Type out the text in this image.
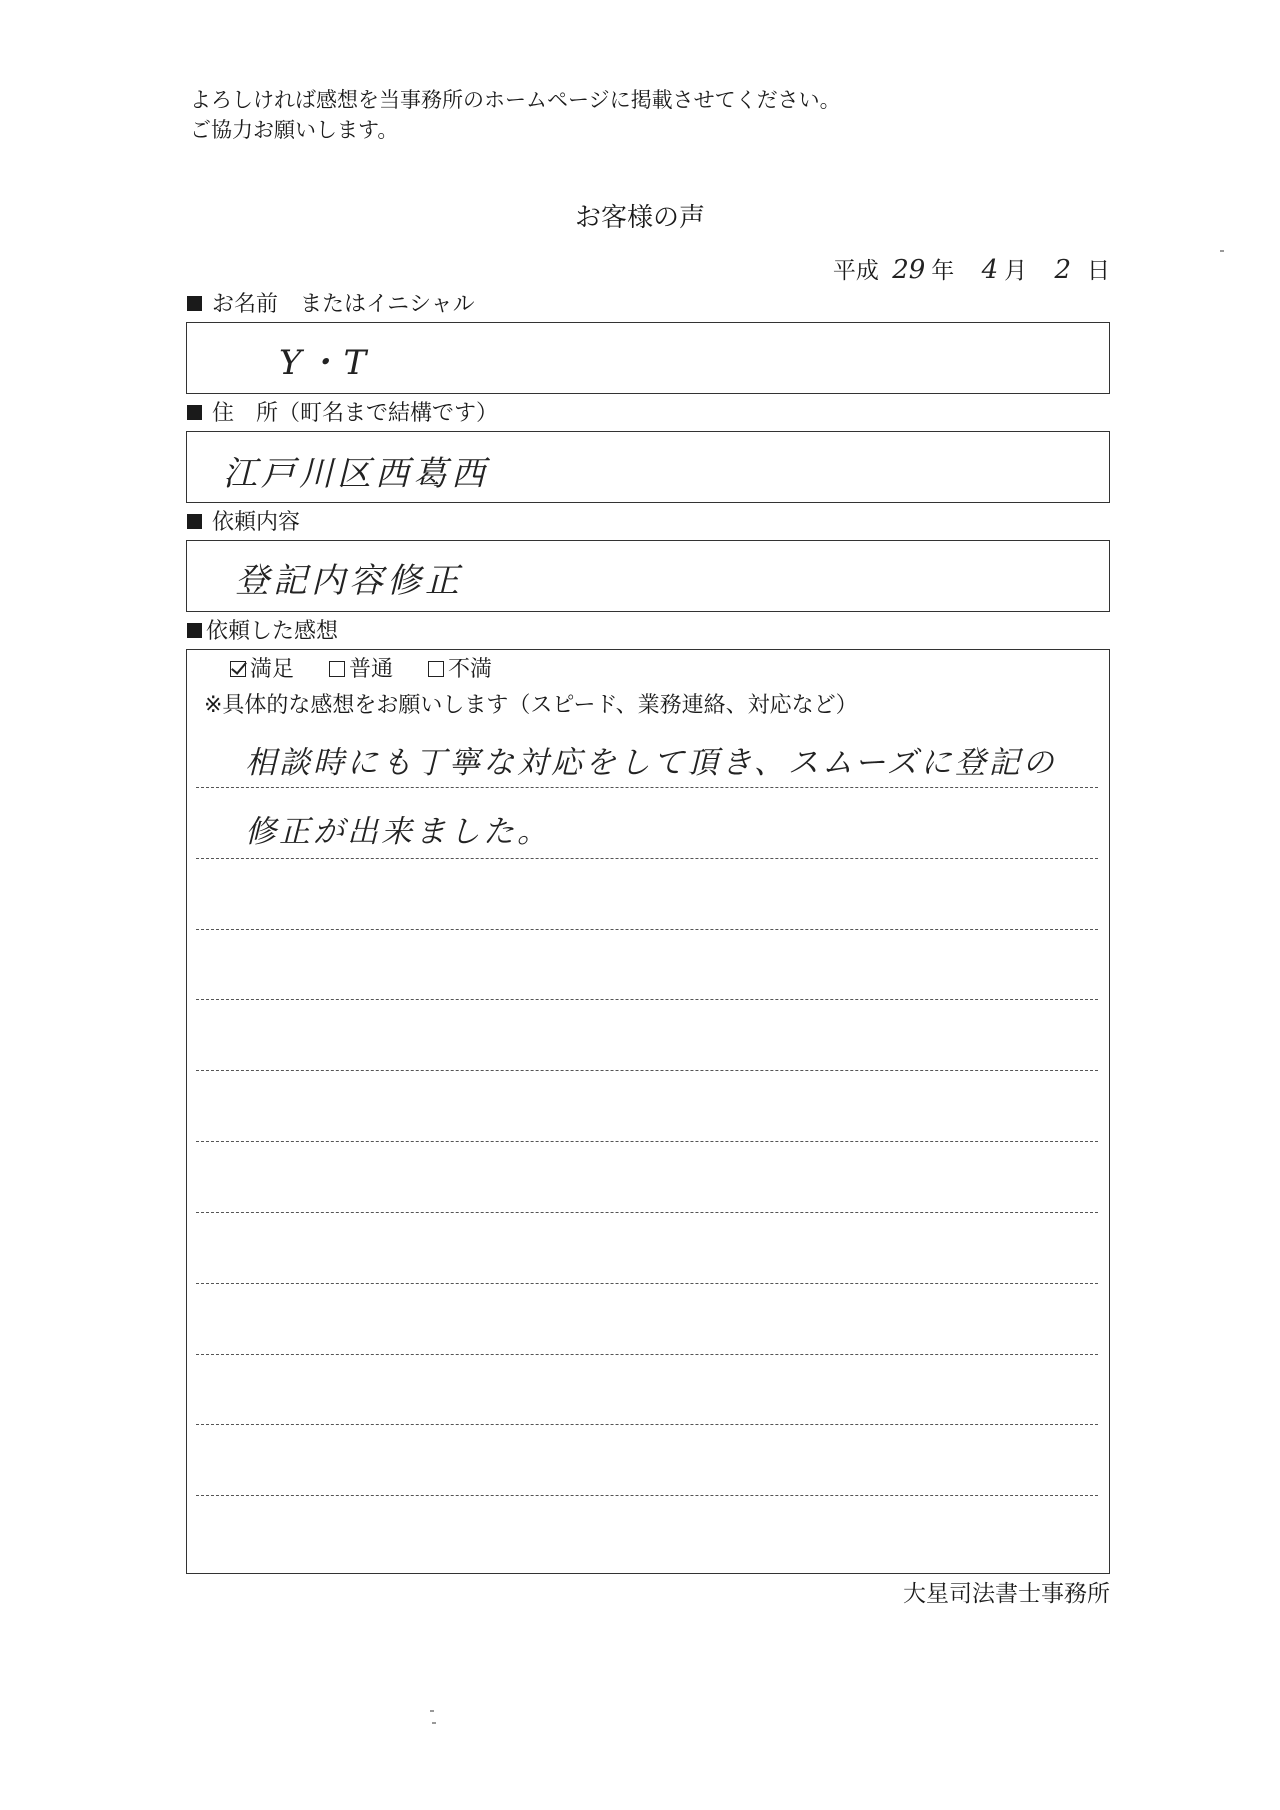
よろしければ感想を当事務所のホームページに掲載させてください。
ご協力お願いします。
お客様の声
平成 29 年 4 月 2 日
お名前　またはイニシャル
Y・T
住　所（町名まで結構です）
江戸川区西葛西
依頼内容
登記内容修正
依頼した感想
満足	普通	不満
※具体的な感想をお願いします（スピード、業務連絡、対応など）
相談時にも丁寧な対応をして頂き、スムーズに登記の
修正が出来ました。
大星司法書士事務所
